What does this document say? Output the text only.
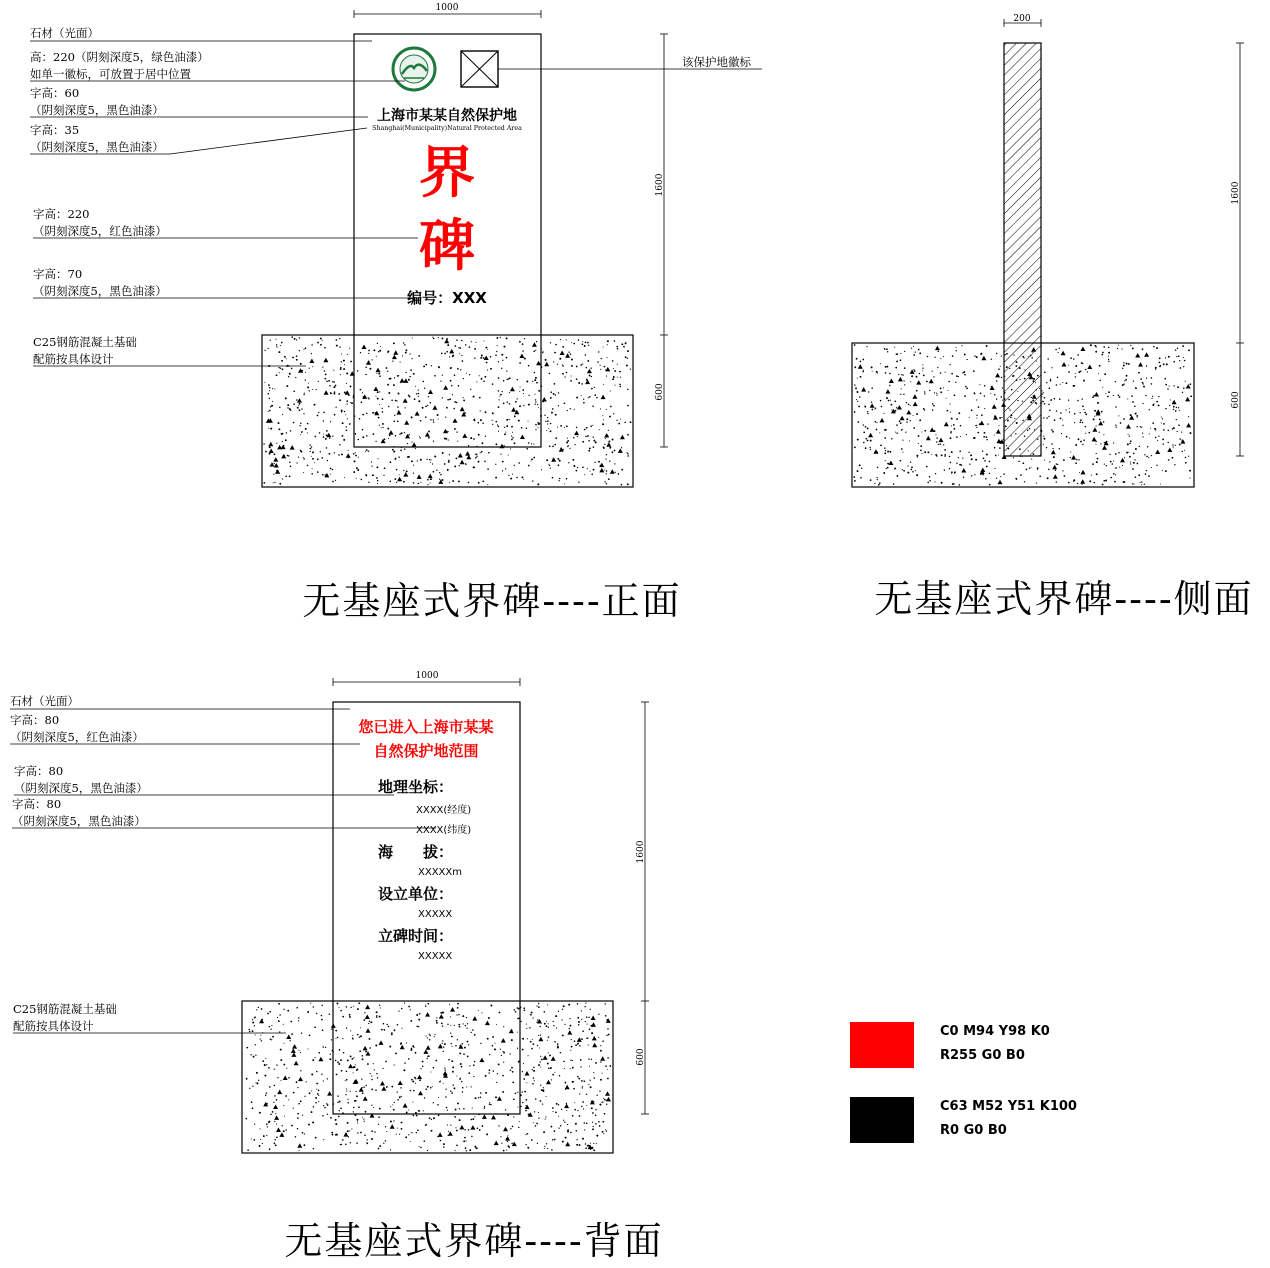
1000
1600
600
上海市某某自然保护地
Shanghai(Municipality)Natural Protected Area
界
碑
编号：XXX
石材（光面）
高：220（阴刻深度5，绿色油漆）
如单一徽标，可放置于居中位置
字高：60
（阴刻深度5，黑色油漆）
字高：35
（阴刻深度5，黑色油漆）
字高：220
（阴刻深度5，红色油漆）
字高：70
（阴刻深度5，黑色油漆）
C25钢筋混凝土基础
配筋按具体设计
该保护地徽标
无基座式界碑----正面
200
1600
600
无基座式界碑----侧面
1000
1600
600
您已进入上海市某某
自然保护地范围
地理坐标：
XXXX(经度)
XXXX(纬度)
海　　拔：
XXXXXm
设立单位：
XXXXX
立碑时间：
XXXXX
石材（光面）
字高：80
（阴刻深度5，红色油漆）
字高：80
（阴刻深度5，黑色油漆）
字高：80
（阴刻深度5，黑色油漆）
C25钢筋混凝土基础
配筋按具体设计
无基座式界碑----背面
C0 M94 Y98 K0
R255 G0 B0
C63 M52 Y51 K100
R0 G0 B0
